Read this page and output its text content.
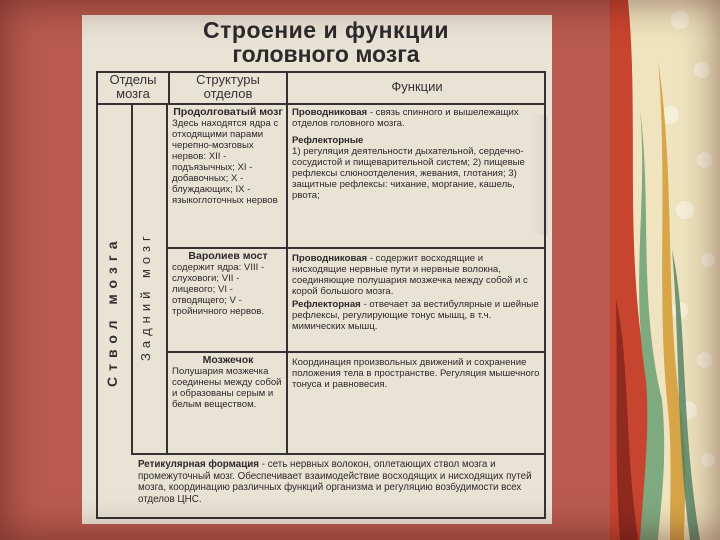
Строение и функции
головного мозга
Отделы мозга
Структуры отделов	Функции
Ствол мозга Задний мозг
Продолговатый мозг
Здесь находятся ядра с отходящими парами черепно-мозговых нервов: XII - подъязычных; XI - добавочных; X - блуждающих; IX - языкоглоточных нервов
Проводниковая - связь спинного и вышележащих отделов головного мозга.
Рефлекторные
1) регуляция деятельности дыхательной, сердечно-сосудистой и пищеварительной систем; 2) пищевые рефлексы слюноотделения, жевания, глотания; 3) защитные рефлексы: чихание, моргание, кашель, рвота;
Варолиев мост
содержит ядра: VIII - слуховоги; VII - лицевого; VI - отводящего; V - тройничного нервов.
Проводниковая - содержит восходящие и нисходящие нервные пути и нервные волокна, соединяющие полушария мозжечка между собой и с корой большого мозга.
Рефлекторная - отвечает за вестибулярные и шейные рефлексы, регулирующие тонус мышц, в т.ч. мимических мышц.
Мозжечок
Полушария мозжечка соединены между собой и образованы серым и белым веществом.
Координация произвольных движений и сохранение положения тела в пространстве. Регуляция мышечного тонуса и равновесия.
Ретикулярная формация - сеть нервных волокон, оплетающих ствол мозга и промежуточный мозг. Обеспечивает взаимодействие восходящих и нисходящих путей мозга, координацию различных функций организма и регуляцию возбудимости всех отделов ЦНС.
